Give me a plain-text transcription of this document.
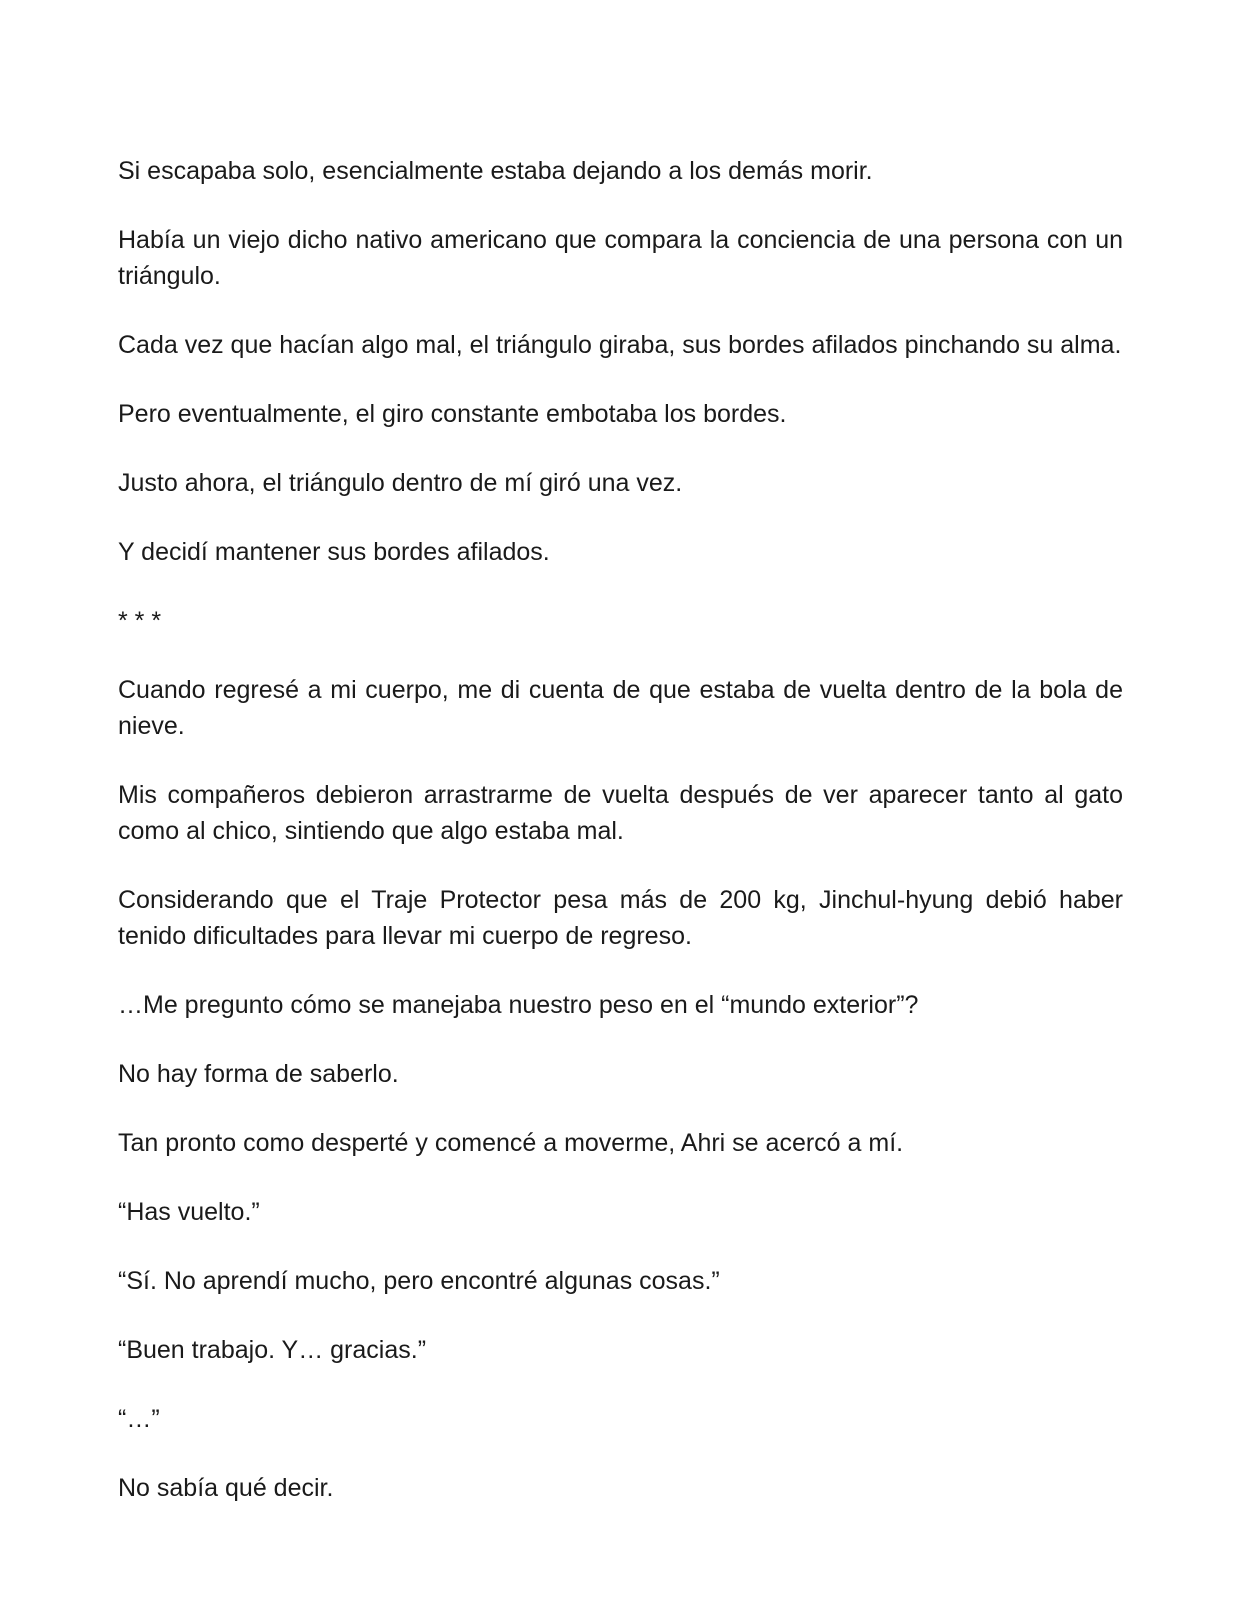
Si escapaba solo, esencialmente estaba dejando a los demás morir.

Había un viejo dicho nativo americano que compara la conciencia de una persona con un triángulo.

Cada vez que hacían algo mal, el triángulo giraba, sus bordes afilados pinchando su alma.

Pero eventualmente, el giro constante embotaba los bordes.

Justo ahora, el triángulo dentro de mí giró una vez.

Y decidí mantener sus bordes afilados.

* * *

Cuando regresé a mi cuerpo, me di cuenta de que estaba de vuelta dentro de la bola de nieve.

Mis compañeros debieron arrastrarme de vuelta después de ver aparecer tanto al gato como al chico, sintiendo que algo estaba mal.

Considerando que el Traje Protector pesa más de 200 kg, Jinchul-hyung debió haber tenido dificultades para llevar mi cuerpo de regreso.

…Me pregunto cómo se manejaba nuestro peso en el “mundo exterior”?

No hay forma de saberlo.

Tan pronto como desperté y comencé a moverme, Ahri se acercó a mí.

“Has vuelto.”

“Sí. No aprendí mucho, pero encontré algunas cosas.”

“Buen trabajo. Y… gracias.”

“…”

No sabía qué decir.
